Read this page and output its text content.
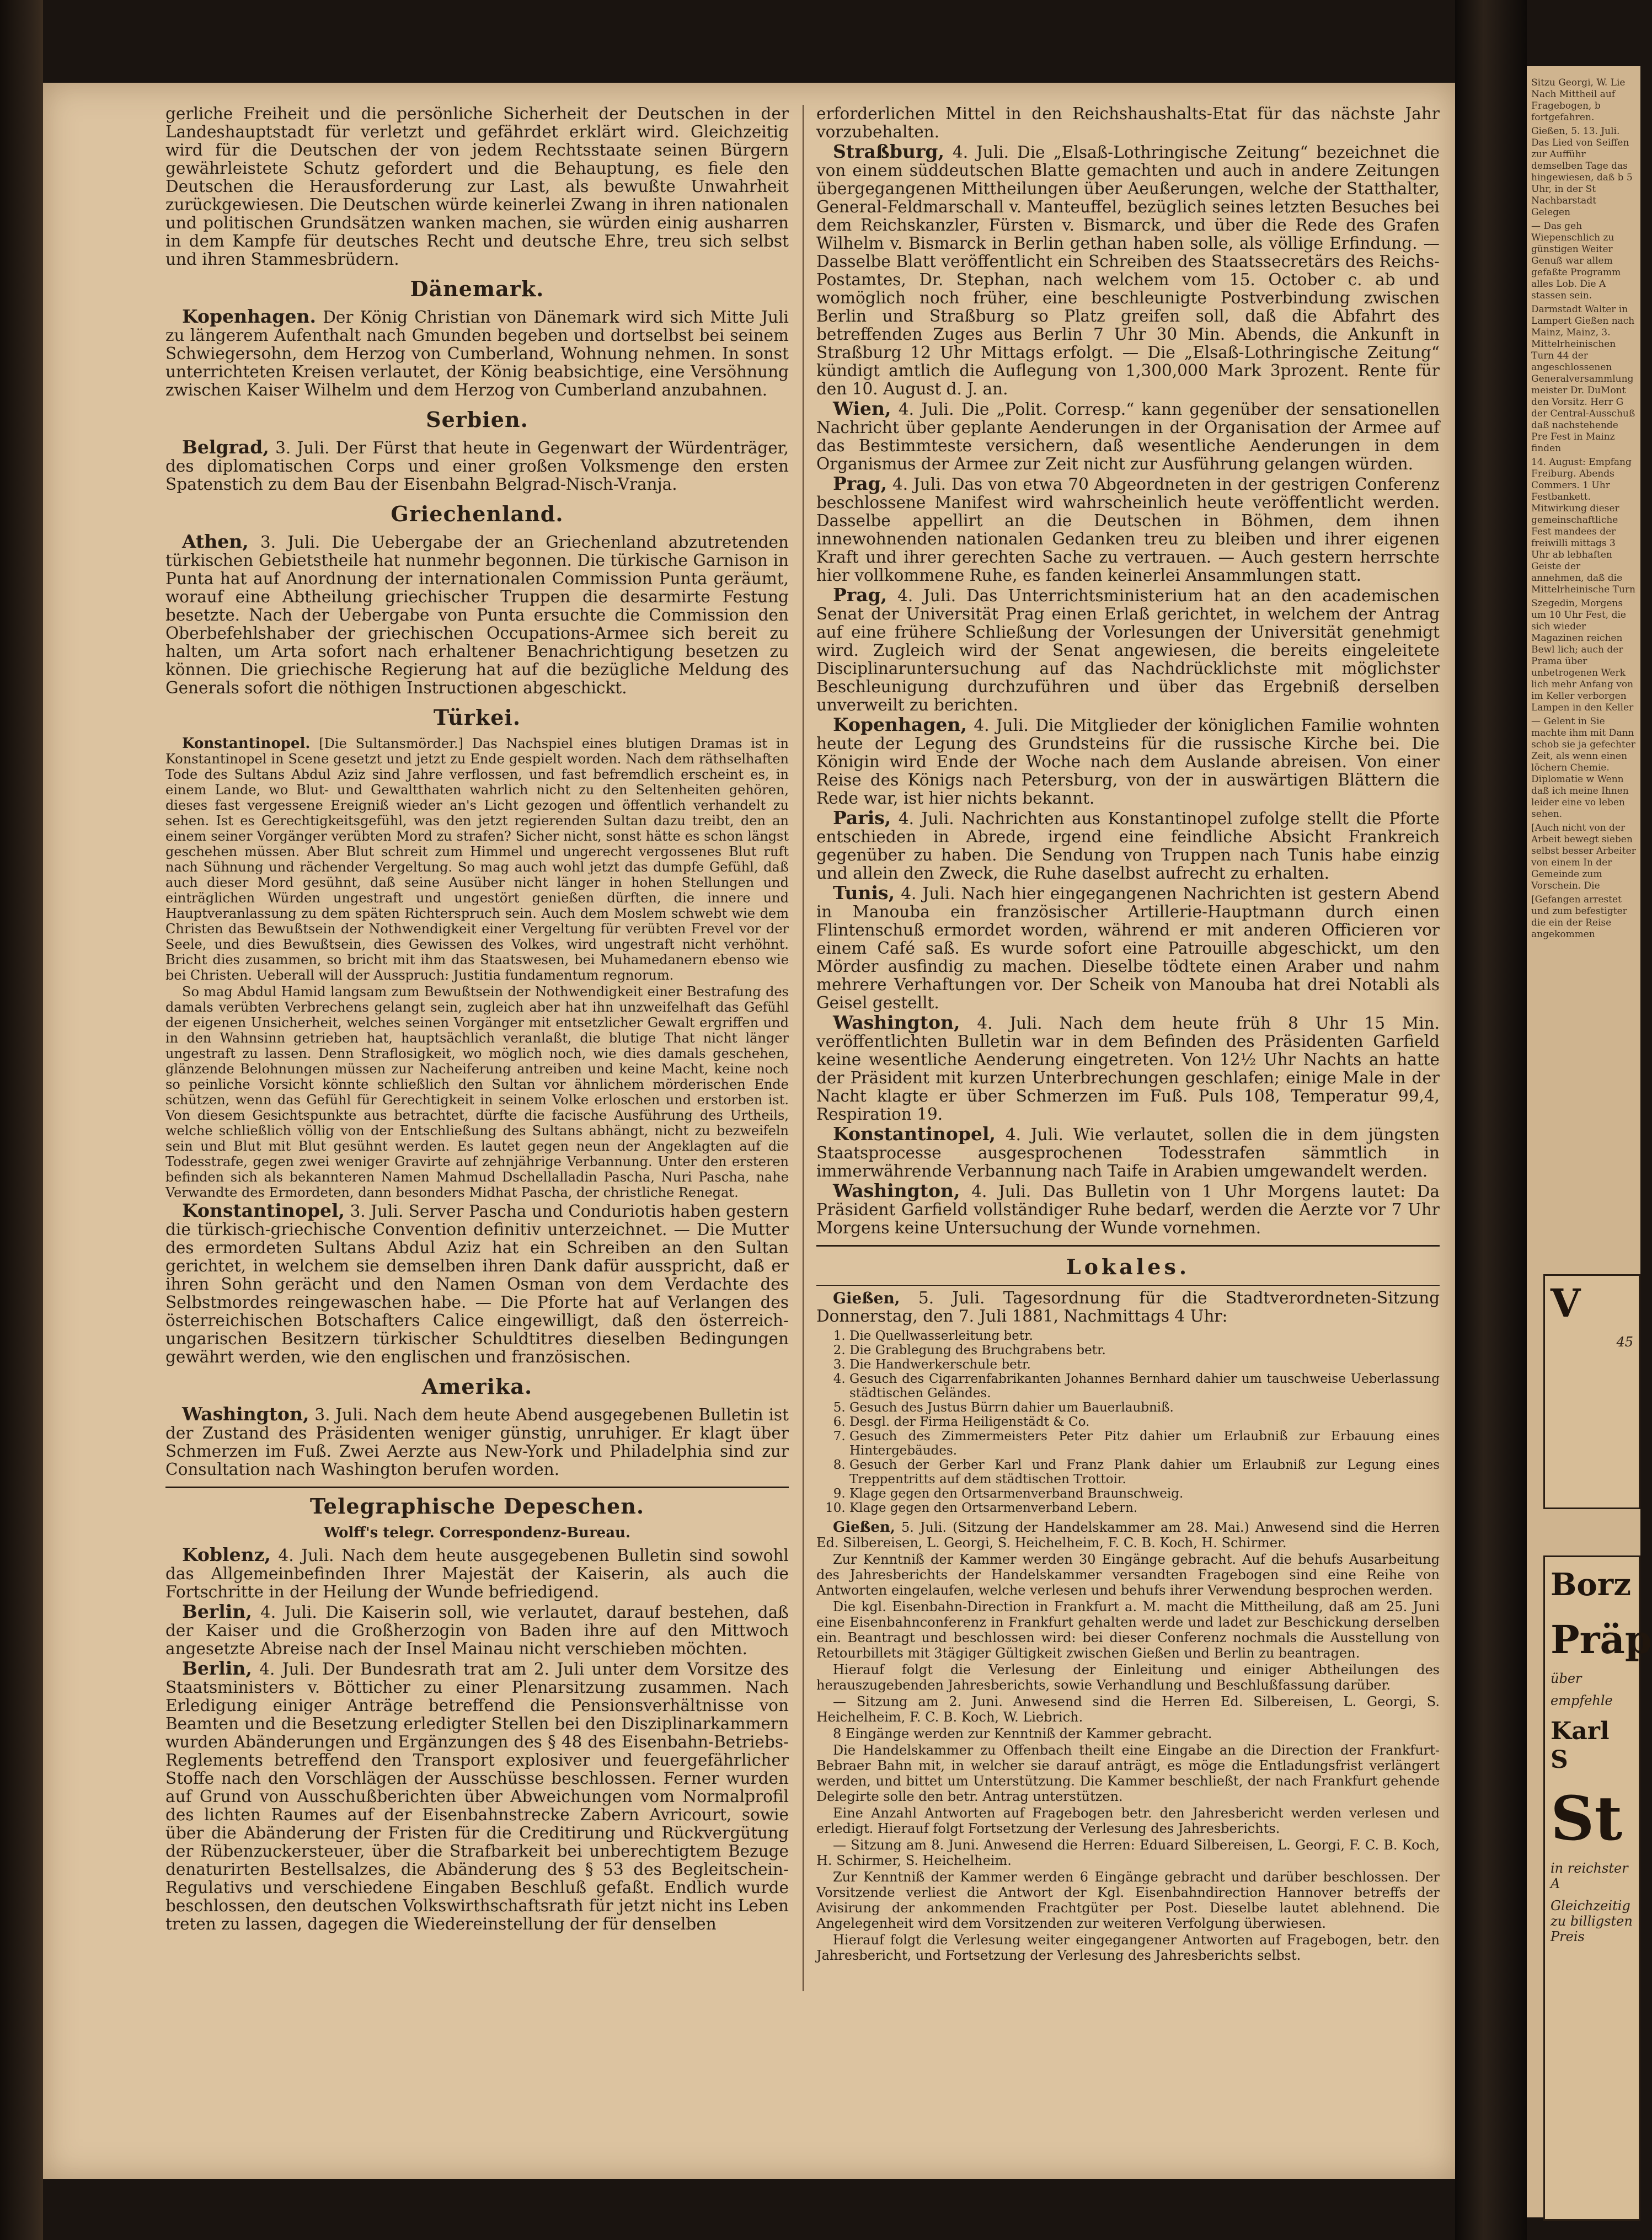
gerliche Freiheit und die persönliche Sicherheit der Deutschen in der Landeshauptstadt für verletzt und gefährdet erklärt wird. Gleichzeitig wird für die Deutschen der von jedem Rechtsstaate seinen Bürgern gewährleistete Schutz gefordert und die Behauptung, es fiele den Deutschen die Herausforderung zur Last, als bewußte Unwahrheit zurückgewiesen. Die Deutschen würde keinerlei Zwang in ihren nationalen und politischen Grundsätzen wanken machen, sie würden einig ausharren in dem Kampfe für deutsches Recht und deutsche Ehre, treu sich selbst und ihren Stammesbrüdern.

Dänemark.

Kopenhagen. Der König Christian von Dänemark wird sich Mitte Juli zu längerem Aufenthalt nach Gmunden begeben und dortselbst bei seinem Schwiegersohn, dem Herzog von Cumberland, Wohnung nehmen. In sonst unterrichteten Kreisen verlautet, der König beabsichtige, eine Versöhnung zwischen Kaiser Wilhelm und dem Herzog von Cumberland anzubahnen.

Serbien.

Belgrad, 3. Juli. Der Fürst that heute in Gegenwart der Würdenträger, des diplomatischen Corps und einer großen Volksmenge den ersten Spatenstich zu dem Bau der Eisenbahn Belgrad-Nisch-Vranja.

Griechenland.

Athen, 3. Juli. Die Uebergabe der an Griechenland abzutretenden türkischen Gebietstheile hat nunmehr begonnen. Die türkische Garnison in Punta hat auf Anordnung der internationalen Commission Punta geräumt, worauf eine Abtheilung griechischer Truppen die desarmirte Festung besetzte. Nach der Uebergabe von Punta ersuchte die Commission den Oberbefehlshaber der griechischen Occupations-Armee sich bereit zu halten, um Arta sofort nach erhaltener Benachrichtigung besetzen zu können. Die griechische Regierung hat auf die bezügliche Meldung des Generals sofort die nöthigen Instructionen abgeschickt.

Türkei.

Konstantinopel. [Die Sultansmörder.] Das Nachspiel eines blutigen Dramas ist in Konstantinopel in Scene gesetzt und jetzt zu Ende gespielt worden. Nach dem räthselhaften Tode des Sultans Abdul Aziz sind Jahre verflossen, und fast befremdlich erscheint es, in einem Lande, wo Blut- und Gewaltthaten wahrlich nicht zu den Seltenheiten gehören, dieses fast vergessene Ereigniß wieder an's Licht gezogen und öffentlich verhandelt zu sehen. Ist es Gerechtigkeitsgefühl, was den jetzt regierenden Sultan dazu treibt, den an einem seiner Vorgänger verübten Mord zu strafen? Sicher nicht, sonst hätte es schon längst geschehen müssen. Aber Blut schreit zum Himmel und ungerecht vergossenes Blut ruft nach Sühnung und rächender Vergeltung. So mag auch wohl jetzt das dumpfe Gefühl, daß auch dieser Mord gesühnt, daß seine Ausüber nicht länger in hohen Stellungen und einträglichen Würden ungestraft und ungestört genießen dürften, die innere und Hauptveranlassung zu dem späten Richterspruch sein. Auch dem Moslem schwebt wie dem Christen das Bewußtsein der Nothwendigkeit einer Vergeltung für verübten Frevel vor der Seele, und dies Bewußtsein, dies Gewissen des Volkes, wird ungestraft nicht verhöhnt. Bricht dies zusammen, so bricht mit ihm das Staatswesen, bei Muhamedanern ebenso wie bei Christen. Ueberall will der Ausspruch: Justitia fundamentum regnorum.

So mag Abdul Hamid langsam zum Bewußtsein der Nothwendigkeit einer Bestrafung des damals verübten Verbrechens gelangt sein, zugleich aber hat ihn unzweifelhaft das Gefühl der eigenen Unsicherheit, welches seinen Vorgänger mit entsetzlicher Gewalt ergriffen und in den Wahnsinn getrieben hat, hauptsächlich veranlaßt, die blutige That nicht länger ungestraft zu lassen. Denn Straflosigkeit, wo möglich noch, wie dies damals geschehen, glänzende Belohnungen müssen zur Nacheiferung antreiben und keine Macht, keine noch so peinliche Vorsicht könnte schließlich den Sultan vor ähnlichem mörderischen Ende schützen, wenn das Gefühl für Gerechtigkeit in seinem Volke erloschen und erstorben ist. Von diesem Gesichtspunkte aus betrachtet, dürfte die facische Ausführung des Urtheils, welche schließlich völlig von der Entschließung des Sultans abhängt, nicht zu bezweifeln sein und Blut mit Blut gesühnt werden. Es lautet gegen neun der Angeklagten auf die Todesstrafe, gegen zwei weniger Gravirte auf zehnjährige Verbannung. Unter den ersteren befinden sich als bekannteren Namen Mahmud Dschellalladin Pascha, Nuri Pascha, nahe Verwandte des Ermordeten, dann besonders Midhat Pascha, der christliche Renegat.

Konstantinopel, 3. Juli. Server Pascha und Conduriotis haben gestern die türkisch-griechische Convention definitiv unterzeichnet. — Die Mutter des ermordeten Sultans Abdul Aziz hat ein Schreiben an den Sultan gerichtet, in welchem sie demselben ihren Dank dafür ausspricht, daß er ihren Sohn gerächt und den Namen Osman von dem Verdachte des Selbstmordes reingewaschen habe. — Die Pforte hat auf Verlangen des österreichischen Botschafters Calice eingewilligt, daß den österreich-ungarischen Besitzern türkischer Schuldtitres dieselben Bedingungen gewährt werden, wie den englischen und französischen.

Amerika.

Washington, 3. Juli. Nach dem heute Abend ausgegebenen Bulletin ist der Zustand des Präsidenten weniger günstig, unruhiger. Er klagt über Schmerzen im Fuß. Zwei Aerzte aus New-York und Philadelphia sind zur Consultation nach Washington berufen worden.

Telegraphische Depeschen.
Wolff's telegr. Correspondenz-Bureau.

Koblenz, 4. Juli. Nach dem heute ausgegebenen Bulletin sind sowohl das Allgemeinbefinden Ihrer Majestät der Kaiserin, als auch die Fortschritte in der Heilung der Wunde befriedigend.

Berlin, 4. Juli. Die Kaiserin soll, wie verlautet, darauf bestehen, daß der Kaiser und die Großherzogin von Baden ihre auf den Mittwoch angesetzte Abreise nach der Insel Mainau nicht verschieben möchten.

Berlin, 4. Juli. Der Bundesrath trat am 2. Juli unter dem Vorsitze des Staatsministers v. Bötticher zu einer Plenarsitzung zusammen. Nach Erledigung einiger Anträge betreffend die Pensionsverhältnisse von Beamten und die Besetzung erledigter Stellen bei den Disziplinarkammern wurden Abänderungen und Ergänzungen des § 48 des Eisenbahn-Betriebs-Reglements betreffend den Transport explosiver und feuergefährlicher Stoffe nach den Vorschlägen der Ausschüsse beschlossen. Ferner wurden auf Grund von Ausschußberichten über Abweichungen vom Normalprofil des lichten Raumes auf der Eisenbahnstrecke Zabern Avricourt, sowie über die Abänderung der Fristen für die Creditirung und Rückvergütung der Rübenzuckersteuer, über die Strafbarkeit bei unberechtigtem Bezuge denaturirten Bestellsalzes, die Abänderung des § 53 des Begleitschein-Regulativs und verschiedene Eingaben Beschluß gefaßt. Endlich wurde beschlossen, den deutschen Volkswirthschaftsrath für jetzt nicht ins Leben treten zu lassen, dagegen die Wiedereinstellung der für denselben

erforderlichen Mittel in den Reichshaushalts-Etat für das nächste Jahr vorzubehalten.

Straßburg, 4. Juli. Die „Elsaß-Lothringische Zeitung“ bezeichnet die von einem süddeutschen Blatte gemachten und auch in andere Zeitungen übergegangenen Mittheilungen über Aeußerungen, welche der Statthalter, General-Feldmarschall v. Manteuffel, bezüglich seines letzten Besuches bei dem Reichskanzler, Fürsten v. Bismarck, und über die Rede des Grafen Wilhelm v. Bismarck in Berlin gethan haben solle, als völlige Erfindung. — Dasselbe Blatt veröffentlicht ein Schreiben des Staatssecretärs des Reichs-Postamtes, Dr. Stephan, nach welchem vom 15. October c. ab und womöglich noch früher, eine beschleunigte Postverbindung zwischen Berlin und Straßburg so Platz greifen soll, daß die Abfahrt des betreffenden Zuges aus Berlin 7 Uhr 30 Min. Abends, die Ankunft in Straßburg 12 Uhr Mittags erfolgt. — Die „Elsaß-Lothringische Zeitung“ kündigt amtlich die Auflegung von 1,300,000 Mark 3prozent. Rente für den 10. August d. J. an.

Wien, 4. Juli. Die „Polit. Corresp.“ kann gegenüber der sensationellen Nachricht über geplante Aenderungen in der Organisation der Armee auf das Bestimmteste versichern, daß wesentliche Aenderungen in dem Organismus der Armee zur Zeit nicht zur Ausführung gelangen würden.

Prag, 4. Juli. Das von etwa 70 Abgeordneten in der gestrigen Conferenz beschlossene Manifest wird wahrscheinlich heute veröffentlicht werden. Dasselbe appellirt an die Deutschen in Böhmen, dem ihnen innewohnenden nationalen Gedanken treu zu bleiben und ihrer eigenen Kraft und ihrer gerechten Sache zu vertrauen. — Auch gestern herrschte hier vollkommene Ruhe, es fanden keinerlei Ansammlungen statt.

Prag, 4. Juli. Das Unterrichtsministerium hat an den academischen Senat der Universität Prag einen Erlaß gerichtet, in welchem der Antrag auf eine frühere Schließung der Vorlesungen der Universität genehmigt wird. Zugleich wird der Senat angewiesen, die bereits eingeleitete Disciplinaruntersuchung auf das Nachdrücklichste mit möglichster Beschleunigung durchzuführen und über das Ergebniß derselben unverweilt zu berichten.

Kopenhagen, 4. Juli. Die Mitglieder der königlichen Familie wohnten heute der Legung des Grundsteins für die russische Kirche bei. Die Königin wird Ende der Woche nach dem Auslande abreisen. Von einer Reise des Königs nach Petersburg, von der in auswärtigen Blättern die Rede war, ist hier nichts bekannt.

Paris, 4. Juli. Nachrichten aus Konstantinopel zufolge stellt die Pforte entschieden in Abrede, irgend eine feindliche Absicht Frankreich gegenüber zu haben. Die Sendung von Truppen nach Tunis habe einzig und allein den Zweck, die Ruhe daselbst aufrecht zu erhalten.

Tunis, 4. Juli. Nach hier eingegangenen Nachrichten ist gestern Abend in Manouba ein französischer Artillerie-Hauptmann durch einen Flintenschuß ermordet worden, während er mit anderen Officieren vor einem Café saß. Es wurde sofort eine Patrouille abgeschickt, um den Mörder ausfindig zu machen. Dieselbe tödtete einen Araber und nahm mehrere Verhaftungen vor. Der Scheik von Manouba hat drei Notabli als Geisel gestellt.

Washington, 4. Juli. Nach dem heute früh 8 Uhr 15 Min. veröffentlichten Bulletin war in dem Befinden des Präsidenten Garfield keine wesentliche Aenderung eingetreten. Von 12½ Uhr Nachts an hatte der Präsident mit kurzen Unterbrechungen geschlafen; einige Male in der Nacht klagte er über Schmerzen im Fuß. Puls 108, Temperatur 99,4, Respiration 19.

Konstantinopel, 4. Juli. Wie verlautet, sollen die in dem jüngsten Staatsprocesse ausgesprochenen Todesstrafen sämmtlich in immerwährende Verbannung nach Taife in Arabien umgewandelt werden.

Washington, 4. Juli. Das Bulletin von 1 Uhr Morgens lautet: Da Präsident Garfield vollständiger Ruhe bedarf, werden die Aerzte vor 7 Uhr Morgens keine Untersuchung der Wunde vornehmen.

Lokales.

Gießen, 5. Juli. Tagesordnung für die Stadtverordneten-Sitzung Donnerstag, den 7. Juli 1881, Nachmittags 4 Uhr:

1. Die Quellwasserleitung betr.
2. Die Grablegung des Bruchgrabens betr.
3. Die Handwerkerschule betr.
4. Gesuch des Cigarrenfabrikanten Johannes Bernhard dahier um tauschweise Ueberlassung städtischen Geländes.
5. Gesuch des Justus Bürrn dahier um Bauerlaubniß.
6. Desgl. der Firma Heiligenstädt & Co.
7. Gesuch des Zimmermeisters Peter Pitz dahier um Erlaubniß zur Erbauung eines Hintergebäudes.
8. Gesuch der Gerber Karl und Franz Plank dahier um Erlaubniß zur Legung eines Treppentritts auf dem städtischen Trottoir.
9. Klage gegen den Ortsarmenverband Braunschweig.
10. Klage gegen den Ortsarmenverband Lebern.

Gießen, 5. Juli. (Sitzung der Handelskammer am 28. Mai.) Anwesend sind die Herren Ed. Silbereisen, L. Georgi, S. Heichelheim, F. C. B. Koch, H. Schirmer.

Zur Kenntniß der Kammer werden 30 Eingänge gebracht. Auf die behufs Ausarbeitung des Jahresberichts der Handelskammer versandten Fragebogen sind eine Reihe von Antworten eingelaufen, welche verlesen und behufs ihrer Verwendung besprochen werden.

Die kgl. Eisenbahn-Direction in Frankfurt a. M. macht die Mittheilung, daß am 25. Juni eine Eisenbahnconferenz in Frankfurt gehalten werde und ladet zur Beschickung derselben ein. Beantragt und beschlossen wird: bei dieser Conferenz nochmals die Ausstellung von Retourbillets mit 3tägiger Gültigkeit zwischen Gießen und Berlin zu beantragen.

Hierauf folgt die Verlesung der Einleitung und einiger Abtheilungen des herauszugebenden Jahresberichts, sowie Verhandlung und Beschlußfassung darüber.

— Sitzung am 2. Juni. Anwesend sind die Herren Ed. Silbereisen, L. Georgi, S. Heichelheim, F. C. B. Koch, W. Liebrich.

8 Eingänge werden zur Kenntniß der Kammer gebracht.

Die Handelskammer zu Offenbach theilt eine Eingabe an die Direction der Frankfurt-Bebraer Bahn mit, in welcher sie darauf anträgt, es möge die Entladungsfrist verlängert werden, und bittet um Unterstützung. Die Kammer beschließt, der nach Frankfurt gehende Delegirte solle den betr. Antrag unterstützen.

Eine Anzahl Antworten auf Fragebogen betr. den Jahresbericht werden verlesen und erledigt. Hierauf folgt Fortsetzung der Verlesung des Jahresberichts.

— Sitzung am 8. Juni. Anwesend die Herren: Eduard Silbereisen, L. Georgi, F. C. B. Koch, H. Schirmer, S. Heichelheim.

Zur Kenntniß der Kammer werden 6 Eingänge gebracht und darüber beschlossen. Der Vorsitzende verliest die Antwort der Kgl. Eisenbahndirection Hannover betreffs der Avisirung der ankommenden Frachtgüter per Post. Dieselbe lautet ablehnend. Die Angelegenheit wird dem Vorsitzenden zur weiteren Verfolgung überwiesen.

Hierauf folgt die Verlesung weiter eingegangener Antworten auf Fragebogen, betr. den Jahresbericht, und Fortsetzung der Verlesung des Jahresberichts selbst.

Sitzu Georgi, W. Lie Nach Mittheil auf Fragebogen, b fortgefahren.

Gießen, 5. 13. Juli. Das Lied von Seiffen zur Aufführ demselben Tage das hingewiesen, daß b 5 Uhr, in der St Nachbarstadt Gelegen

— Das geh Wiepenschlich zu günstigen Weiter Genuß war allem gefaßte Programm alles Lob. Die A stassen sein.

Darmstadt Walter in Lampert Gießen nach Mainz, Mainz, 3. Mittelrheinischen Turn 44 der angeschlossenen Generalversammlung meister Dr. DuMont den Vorsitz. Herr G der Central-Ausschuß daß nachstehende Pre Fest in Mainz finden

14. August: Empfang Freiburg. Abends Commers. 1 Uhr Festbankett. Mitwirkung dieser gemeinschaftliche Fest mandees der freiwilli mittags 3 Uhr ab lebhaften Geiste der annehmen, daß die Mittelrheinische Turn

Szegedin, Morgens um 10 Uhr Fest, die sich wieder Magazinen reichen Bewl lich; auch der Prama über unbetrogenen Werk lich mehr Anfang von im Keller verborgen Lampen in den Keller

— Gelent in Sie machte ihm mit Dann schob sie ja gefechter Zeit, als wenn einen löchern Chemie. Diplomatie w Wenn daß ich meine Ihnen leider eine vo leben sehen.

[Auch nicht von der Arbeit bewegt sieben selbst besser Arbeiter von einem In der Gemeinde zum Vorschein. Die

[Gefangen arrestet und zum befestigter die ein der Reise angekommen

V
45
Borz
Präp
über
empfehle
Karl S
St
in reichster A
Gleichzeitig zu billigsten Preis
